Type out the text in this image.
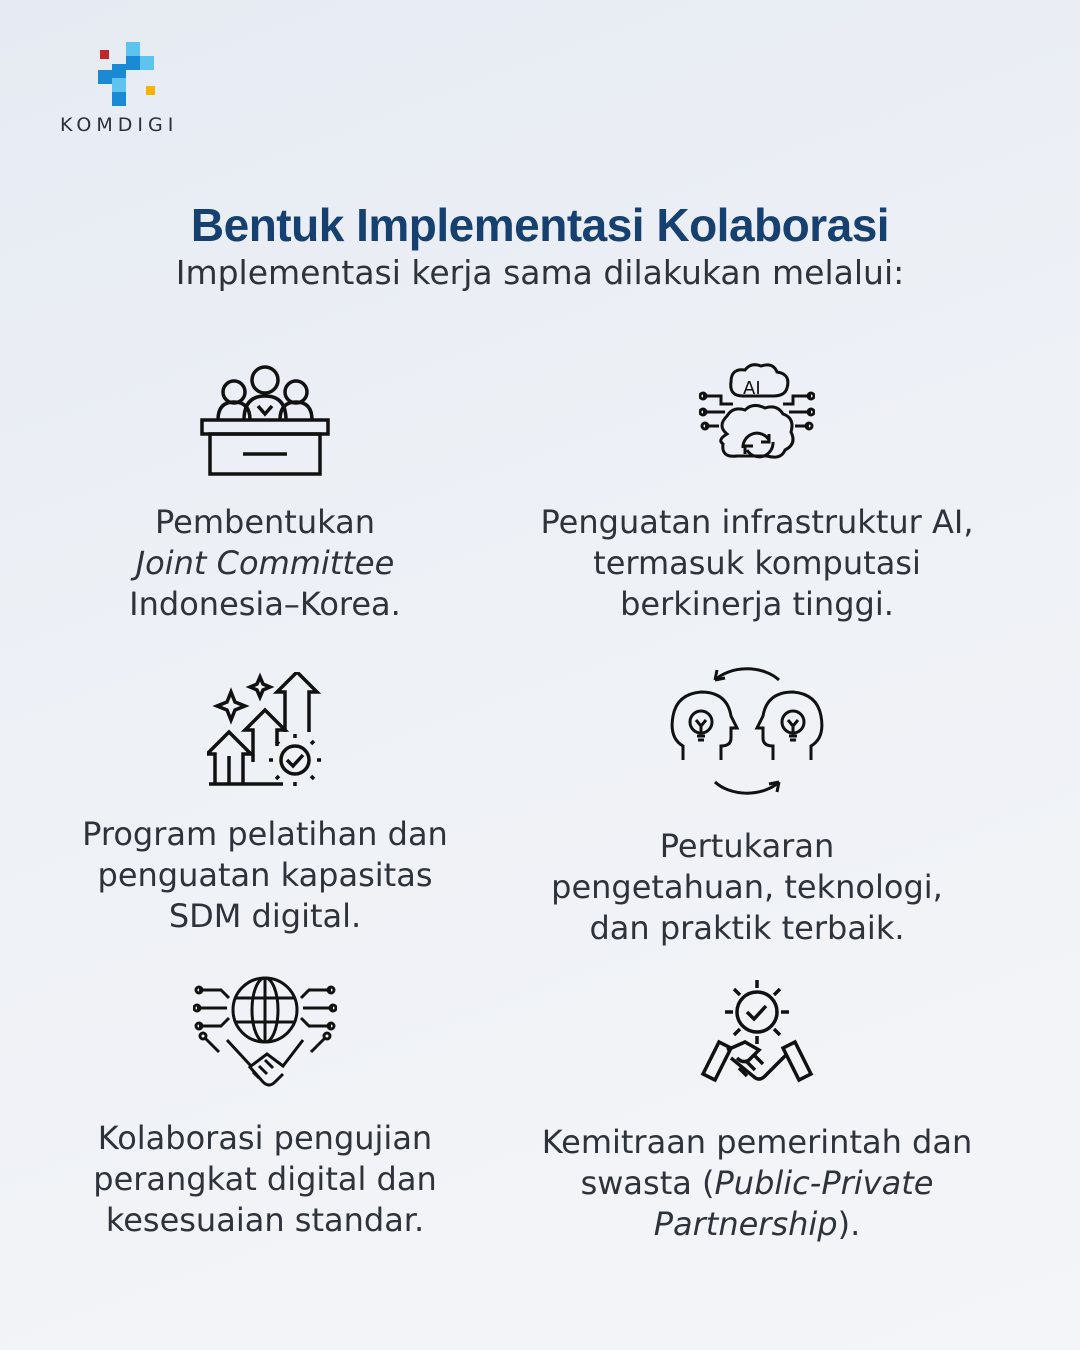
KOMDIGI
Bentuk Implementasi Kolaborasi
Implementasi kerja sama dilakukan melalui:
Pembentukan
Joint Committee
Indonesia–Korea.
AI
Penguatan infrastruktur AI,
termasuk komputasi
berkinerja tinggi.
Program pelatihan dan
penguatan kapasitas
SDM digital.
Pertukaran
pengetahuan, teknologi,
dan praktik terbaik.
Kolaborasi pengujian
perangkat digital dan
kesesuaian standar.
Kemitraan pemerintah dan
swasta (Public-Private
Partnership).
